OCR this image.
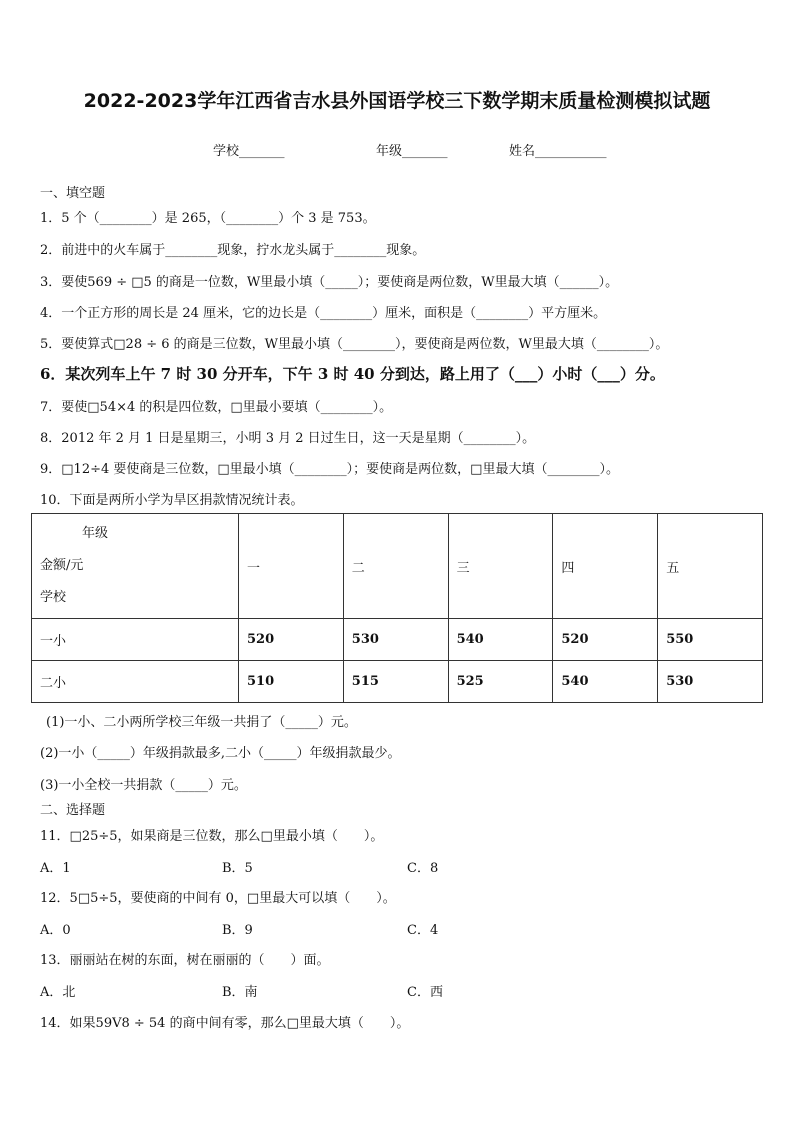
2022-2023学年江西省吉水县外国语学校三下数学期末质量检测模拟试题
学校_______	年级_______	姓名___________
一、填空题
1．5 个（________）是 265，（________）个 3 是 753。
2．前进中的火车属于________现象，拧水龙头属于________现象。
3．要使569 ÷ □5 的商是一位数，W里最小填（_____）；要使商是两位数，W里最大填（______）。
4．一个正方形的周长是 24 厘米，它的边长是（________）厘米，面积是（________）平方厘米。
5．要使算式□28 ÷ 6 的商是三位数，W里最小填（________），要使商是两位数，W里最大填（________）。
6．某次列车上午 7 时 30 分开车，下午 3 时 40 分到达，路上用了（___）小时（___）分。
7．要使□54×4 的积是四位数，□里最小要填（________）。
8．2012 年 2 月 1 日是星期三，小明 3 月 2 日过生日，这一天是星期（________）。
9．□12÷4 要使商是三位数，□里最小填（________）；要使商是两位数，□里最大填（________）。
10．下面是两所小学为旱区捐款情况统计表。
年级
金额/元
学校	一	二	三	四	五
一小	520	530	540	520	550
二小	510	515	525	540	530
(1)一小、二小两所学校三年级一共捐了（_____）元。
(2)一小（_____）年级捐款最多,二小（_____）年级捐款最少。
(3)一小全校一共捐款（_____）元。
二、选择题
11．□25÷5，如果商是三位数，那么□里最小填（　　）。
A．1	B．5	C．8
12．5□5÷5，要使商的中间有 0，□里最大可以填（　　）。
A．0	B．9	C．4
13．丽丽站在树的东面，树在丽丽的（　　）面。
A．北	B．南	C．西
14．如果59V8 ÷ 54 的商中间有零，那么□里最大填（　　）。
